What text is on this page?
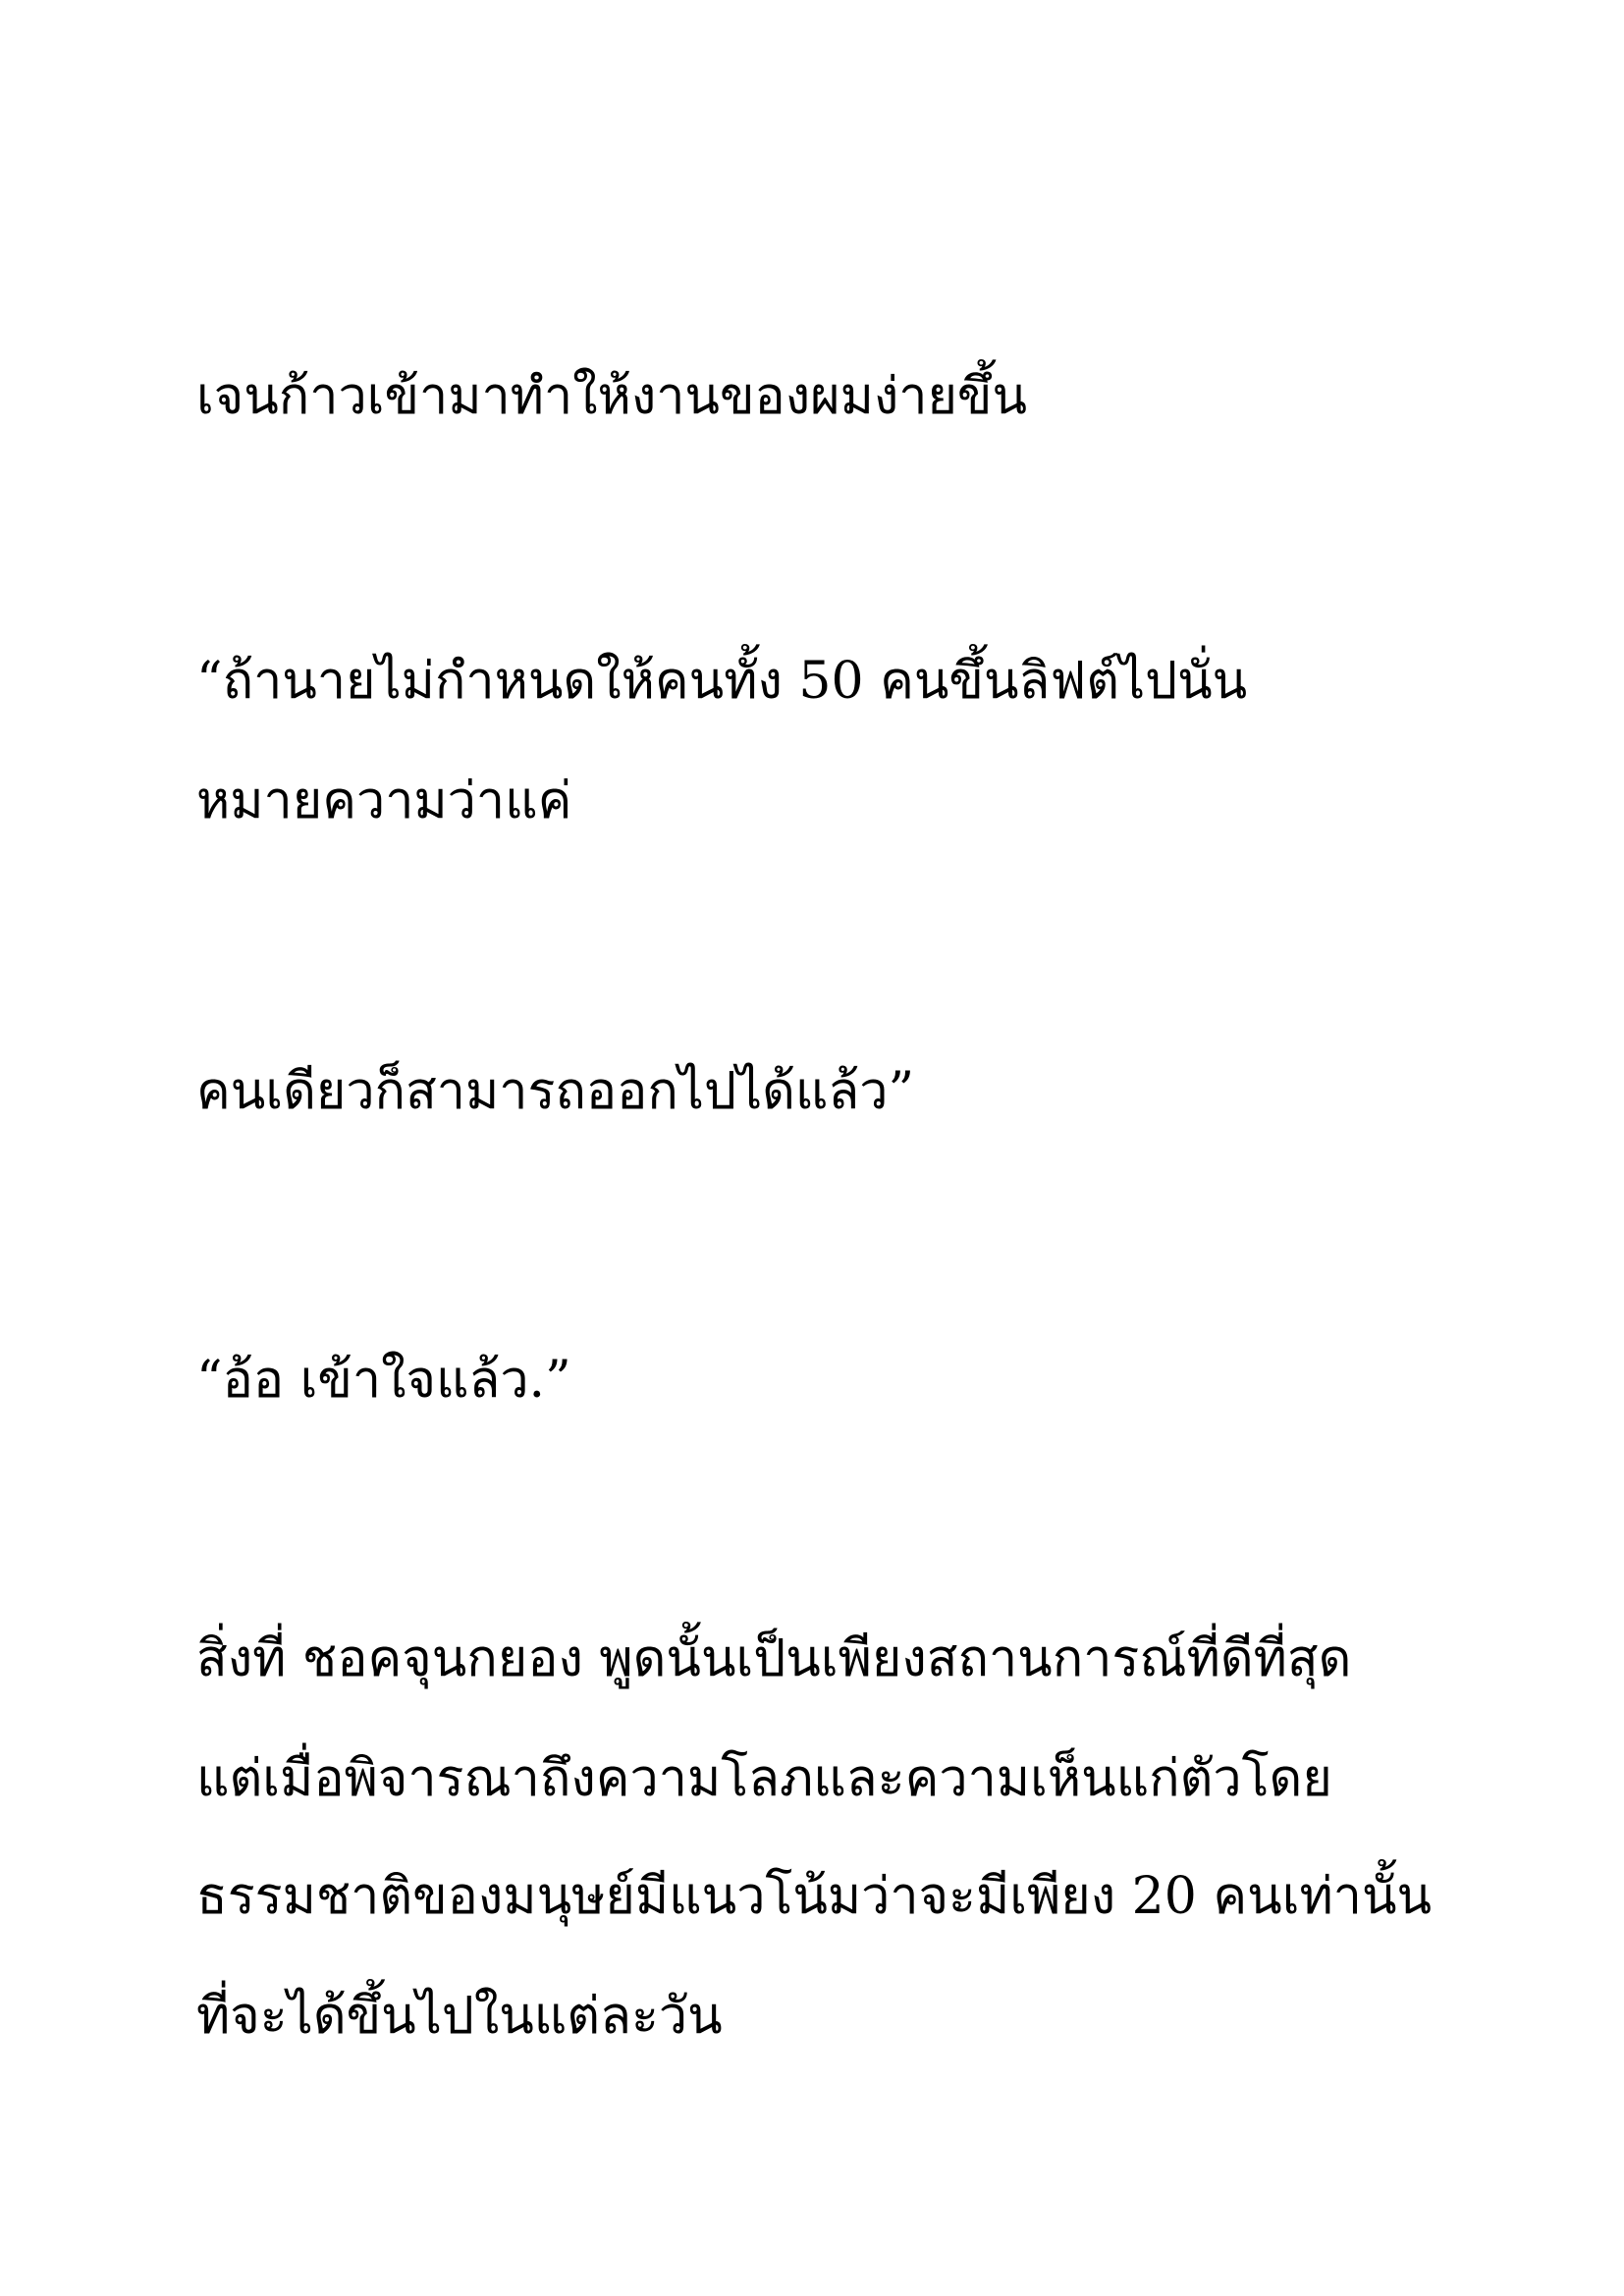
เจนก้าวเข้ามาทำให้งานของผมง่ายขึ้น
“ถ้านายไม่กำหนดให้คนทั้ง 50 คนขึ้นลิฟต์ไปนั่น
หมายความว่าแค่
คนเดียวก็สามารถออกไปได้แล้ว”
“อ้อ เข้าใจแล้ว.”
สิ่งที่ ชอคจุนกยอง พูดนั้นเป็นเพียงสถานการณ์ที่ดีที่สุด
แต่เมื่อพิจารณาถึงความโลภและความเห็นแก่ตัวโดย
ธรรมชาติของมนุษย์มีแนวโน้มว่าจะมีเพียง 20 คนเท่านั้น
ที่จะได้ขึ้นไปในแต่ละวัน
